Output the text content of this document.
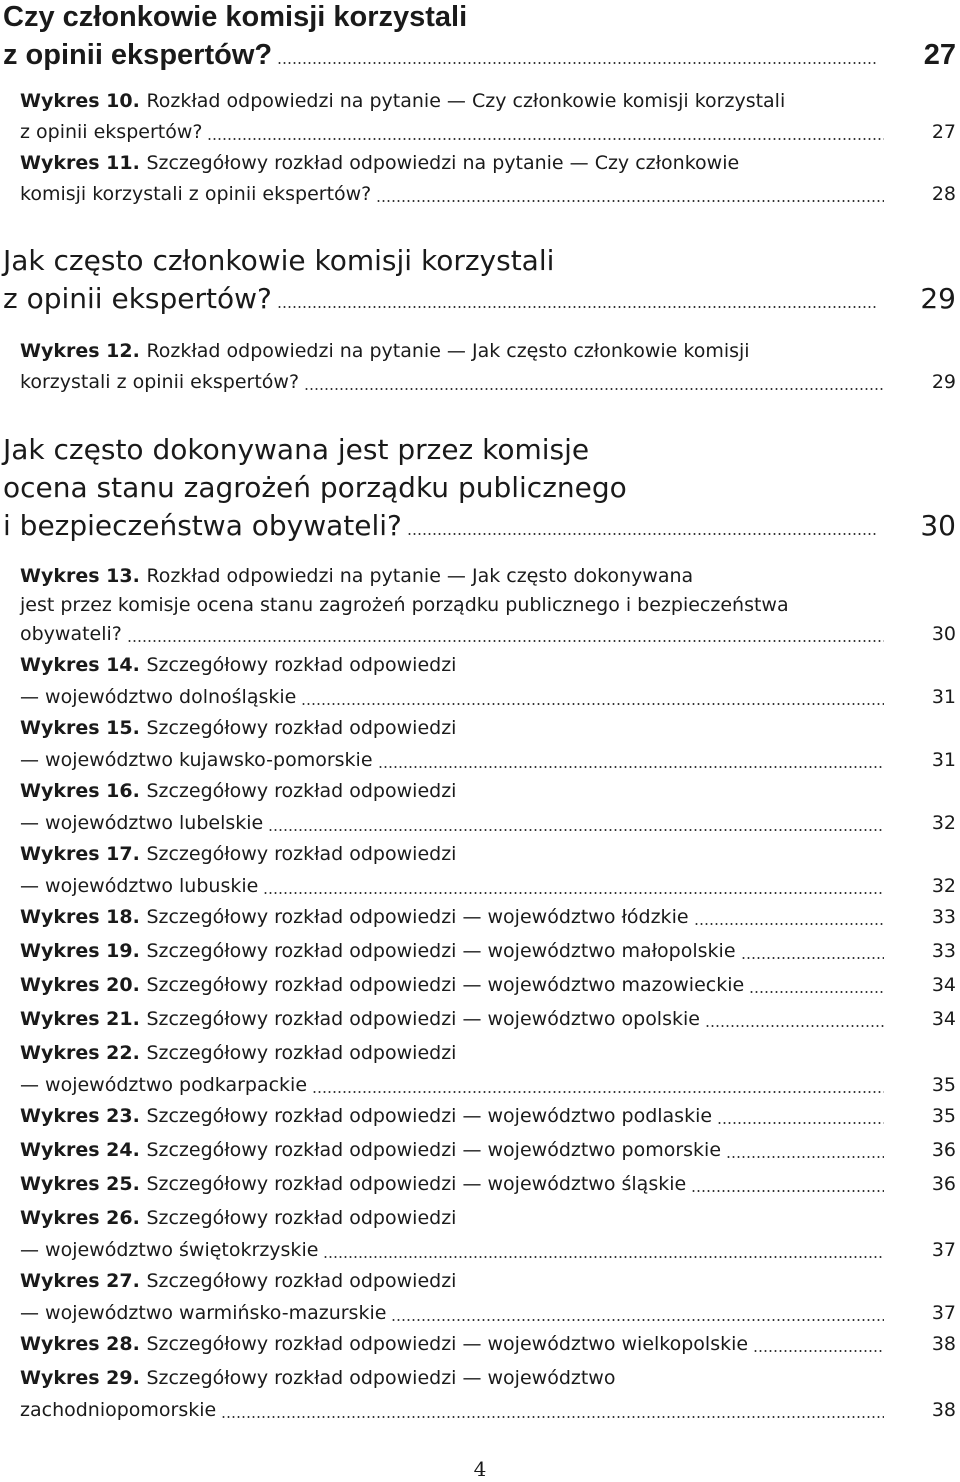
Czy członkowie komisji korzystali
z opinii ekspertów?	27
Wykres 10. Rozkład odpowiedzi na pytanie — Czy członkowie komisji korzystali
z opinii ekspertów?	27
Wykres 11. Szczegółowy rozkład odpowiedzi na pytanie — Czy członkowie
komisji korzystali z opinii ekspertów?	28
Jak często członkowie komisji korzystali
z opinii ekspertów?	29
Wykres 12. Rozkład odpowiedzi na pytanie — Jak często członkowie komisji
korzystali z opinii ekspertów?	29
Jak często dokonywana jest przez komisje
ocena stanu zagrożeń porządku publicznego
i bezpieczeństwa obywateli?	30
Wykres 13. Rozkład odpowiedzi na pytanie — Jak często dokonywana
jest przez komisje ocena stanu zagrożeń porządku publicznego i bezpieczeństwa
obywateli?	30
Wykres 14. Szczegółowy rozkład odpowiedzi
— województwo dolnośląskie	31
Wykres 15. Szczegółowy rozkład odpowiedzi
— województwo kujawsko-pomorskie	31
Wykres 16. Szczegółowy rozkład odpowiedzi
— województwo lubelskie	32
Wykres 17. Szczegółowy rozkład odpowiedzi
— województwo lubuskie	32
Wykres 18. Szczegółowy rozkład odpowiedzi — województwo łódzkie	33
Wykres 19. Szczegółowy rozkład odpowiedzi — województwo małopolskie	33
Wykres 20. Szczegółowy rozkład odpowiedzi — województwo mazowieckie	34
Wykres 21. Szczegółowy rozkład odpowiedzi — województwo opolskie	34
Wykres 22. Szczegółowy rozkład odpowiedzi
— województwo podkarpackie	35
Wykres 23. Szczegółowy rozkład odpowiedzi — województwo podlaskie	35
Wykres 24. Szczegółowy rozkład odpowiedzi — województwo pomorskie	36
Wykres 25. Szczegółowy rozkład odpowiedzi — województwo śląskie	36
Wykres 26. Szczegółowy rozkład odpowiedzi
— województwo świętokrzyskie	37
Wykres 27. Szczegółowy rozkład odpowiedzi
— województwo warmińsko-mazurskie	37
Wykres 28. Szczegółowy rozkład odpowiedzi — województwo wielkopolskie	38
Wykres 29. Szczegółowy rozkład odpowiedzi — województwo
zachodniopomorskie	38
4
